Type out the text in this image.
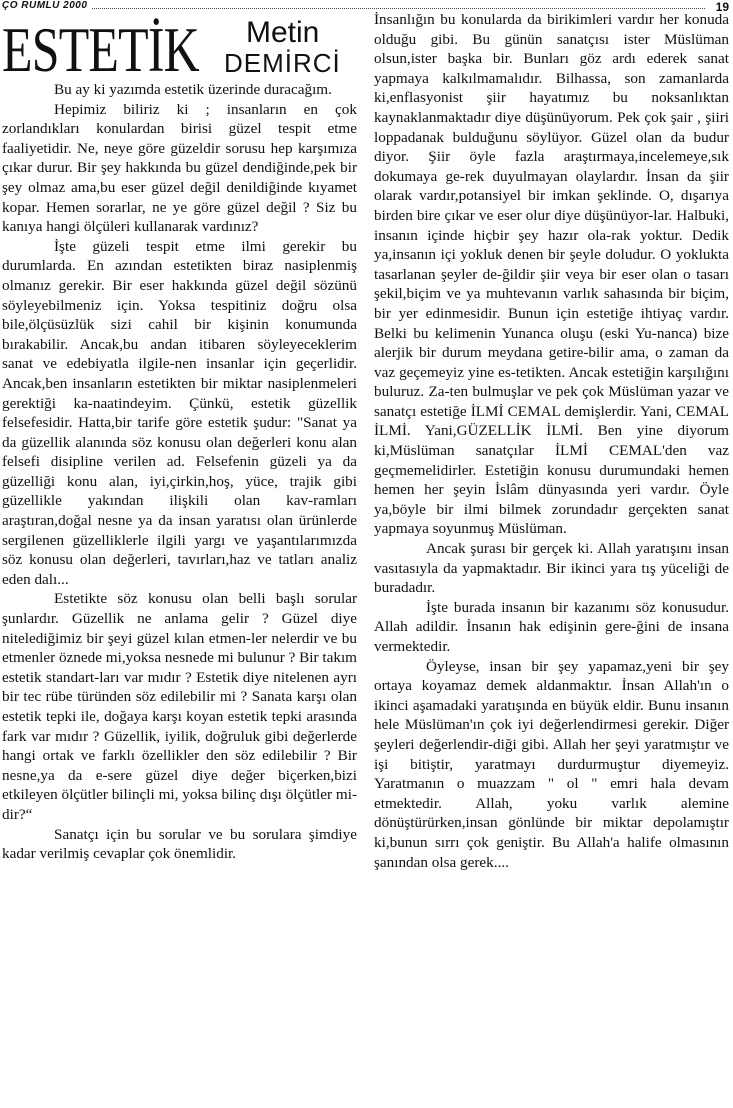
ÇO RUMLU 2000	19
ESTETİK Metin
DEMİRCİ

Bu ay ki yazımda estetik üzerinde duracağım.

Hepimiz biliriz ki ; insanların en çok zorlandıkları konulardan birisi güzel tespit etme faaliyetidir. Ne, neye göre güzeldir sorusu hep karşımıza çıkar durur. Bir şey hakkında bu güzel dendiğinde,pek bir şey olmaz ama,bu eser güzel değil denildiğinde kıyamet kopar. Hemen sorarlar, ne ye göre güzel değil ? Siz bu kanıya hangi ölçüleri kullanarak vardınız?

İşte güzeli tespit etme ilmi gerekir bu durumlarda. En azından estetikten biraz nasiplenmiş olmanız gerekir. Bir eser hakkında güzel değil sözünü söyleyebilmeniz için. Yoksa tespitiniz doğru olsa bile,ölçüsüzlük sizi cahil bir kişinin konumunda bırakabilir. Ancak,bu andan itibaren söyleyeceklerim sanat ve edebiyatla ilgile-nen insanlar için geçerlidir. Ancak,ben insanların estetikten bir miktar nasiplenmeleri gerektiği ka-naatindeyim. Çünkü, estetik güzellik felsefesidir. Hatta,bir tarife göre estetik şudur: "Sanat ya da güzellik alanında söz konusu olan değerleri konu alan felsefi disipline verilen ad. Felsefenin güzeli ya da güzelliği konu alan, iyi,çirkin,hoş, yüce, trajik gibi güzellikle yakından ilişkili olan kav-ramları araştıran,doğal nesne ya da insan yaratısı olan ürünlerde sergilenen güzelliklerle ilgili yargı ve yaşantılarımızda söz konusu olan değerleri, tavırları,haz ve tatları analiz eden dalı...

Estetikte söz konusu olan belli başlı sorular şunlardır. Güzellik ne anlama gelir ? Güzel diye nitelediğimiz bir şeyi güzel kılan etmen-ler nelerdir ve bu etmenler öznede mi,yoksa nesnede mi bulunur ? Bir takım estetik standart-ları var mıdır ? Estetik diye nitelenen ayrı bir tec rübe türünden söz edilebilir mi ? Sanata karşı olan estetik tepki ile, doğaya karşı koyan estetik tepki arasında fark var mıdır ? Güzellik, iyilik, doğruluk gibi değerlerde hangi ortak ve farklı özellikler den söz edilebilir ? Bir nesne,ya da e-sere güzel diye değer biçerken,bizi etkileyen ölçütler bilinçli mi, yoksa bilinç dışı ölçütler mi-dir?“

Sanatçı için bu sorular ve bu sorulara şimdiye kadar verilmiş cevaplar çok önemlidir.

İnsanlığın bu konularda da birikimleri vardır her konuda olduğu gibi. Bu günün sanatçısı ister Müslüman olsun,ister başka bir. Bunları göz ardı ederek sanat yapmaya kalkılmamalıdır. Bilhassa, son zamanlarda ki,enflasyonist şiir hayatımız bu noksanlıktan kaynaklanmaktadır diye düşünüyorum. Pek çok şair , şiiri loppadanak bulduğunu söylüyor. Güzel olan da budur diyor. Şiir öyle fazla araştırmaya,incelemeye,sık dokumaya ge-rek duyulmayan olaylardır. İnsan da şiir olarak vardır,potansiyel bir imkan şeklinde. O, dışarıya birden bire çıkar ve eser olur diye düşünüyor-lar. Halbuki, insanın içinde hiçbir şey hazır ola-rak yoktur. Dedik ya,insanın içi yokluk denen bir şeyle doludur. O yoklukta tasarlanan şeyler de-ğildir şiir veya bir eser olan o tasarı şekil,biçim ve ya muhtevanın varlık sahasında bir biçim, bir yer edinmesidir. Bunun için estetiğe ihtiyaç vardır. Belki bu kelimenin Yunanca oluşu (eski Yu-nanca) bize alerjik bir durum meydana getire-bilir ama, o zaman da vaz geçemeyiz yine es-tetikten. Ancak estetiğin karşılığını buluruz. Za-ten bulmuşlar ve pek çok Müslüman yazar ve sanatçı estetiğe İLMİ CEMAL demişlerdir. Yani, CEMAL İLMİ. Yani,GÜZELLİK İLMİ. Ben yine diyorum ki,Müslüman sanatçılar İLMİ CEMAL'den vaz geçmemelidirler. Estetiğin konusu durumundaki hemen hemen her şeyin İslâm dünyasında yeri vardır. Öyle ya,böyle bir ilmi bilmek zorundadır gerçekten sanat yapmaya soyunmuş Müslüman.

Ancak şurası bir gerçek ki. Allah yaratışını insan vasıtasıyla da yapmaktadır. Bir ikinci yara tış yüceliği de buradadır.

İşte burada insanın bir kazanımı söz konusudur. Allah adildir. İnsanın hak edişinin gere-ğini de insana vermektedir.

Öyleyse, insan bir şey yapamaz,yeni bir şey ortaya koyamaz demek aldanmaktır. İnsan Allah'ın o ikinci aşamadaki yaratışında en büyük eldir. Bunu insanın hele Müslüman'ın çok iyi değerlendirmesi gerekir. Diğer şeyleri değerlendir-diği gibi. Allah her şeyi yaratmıştır ve işi bitiştir, yaratmayı durdurmuştur diyemeyiz. Yaratmanın o muazzam " ol " emri hala devam etmektedir. Allah, yoku varlık alemine dönüştürürken,insan gönlünde bir miktar depolamıştır ki,bunun sırrı çok geniştir. Bu Allah'a halife olmasının şanından olsa gerek....
